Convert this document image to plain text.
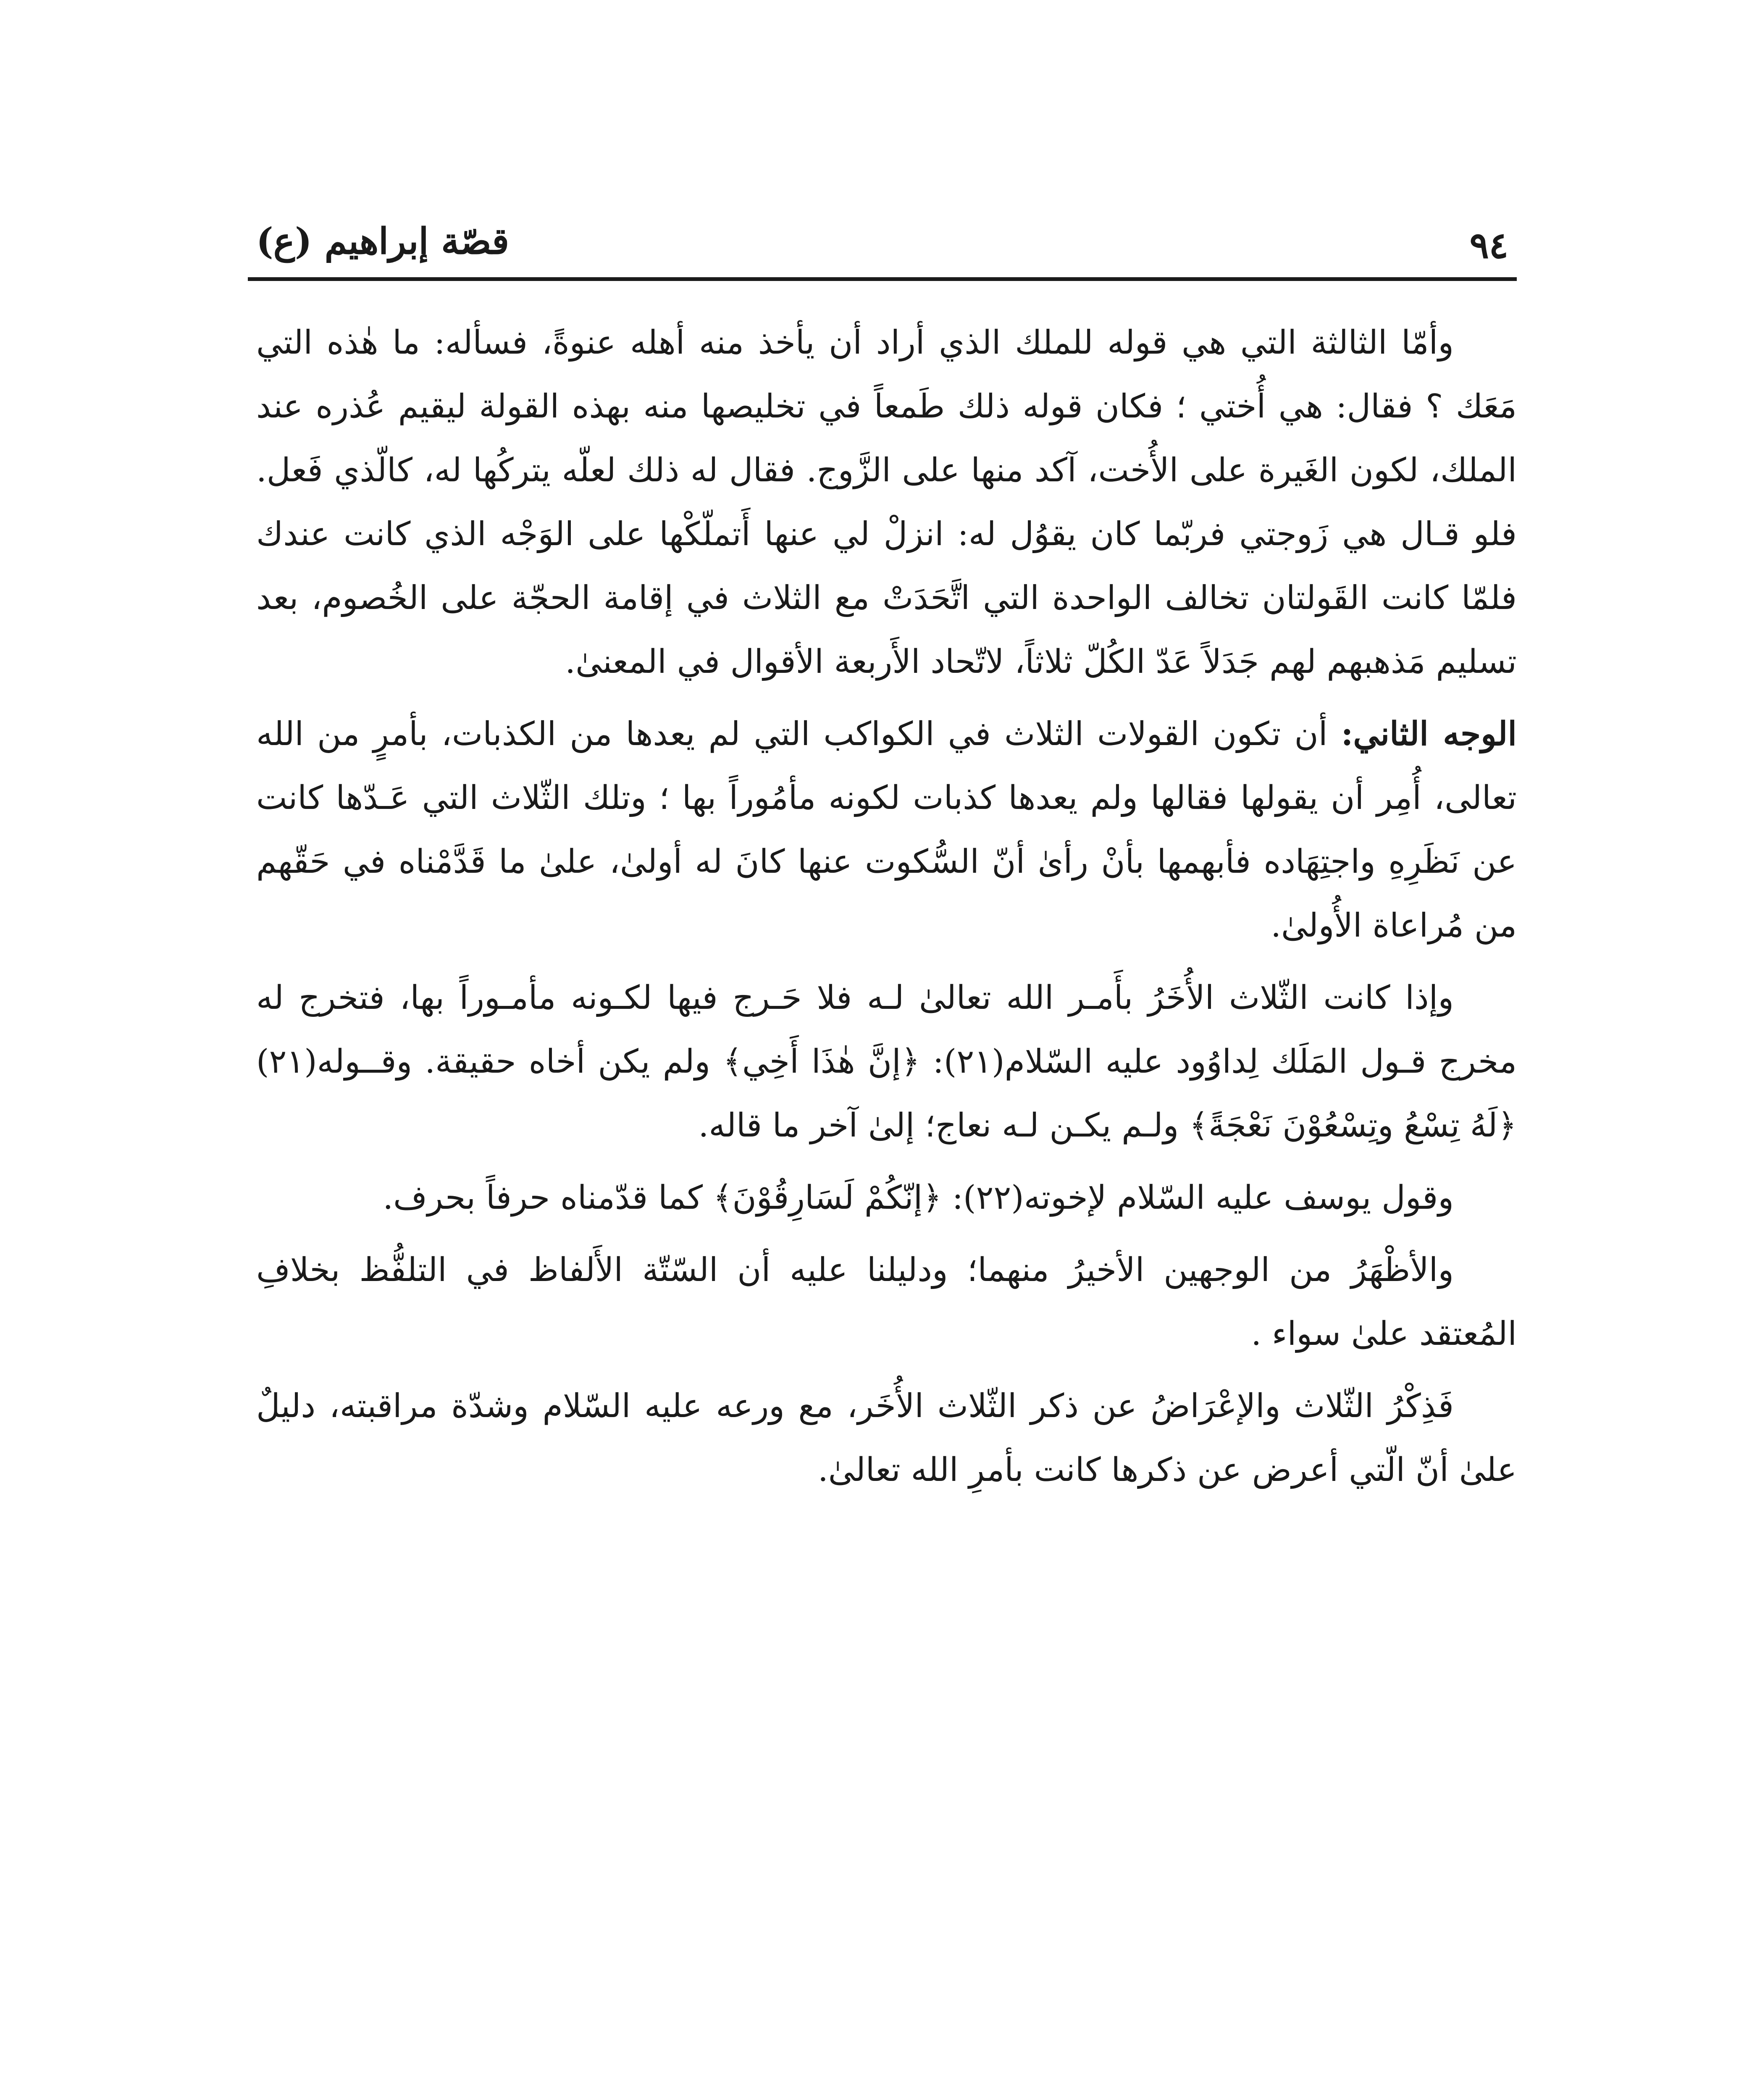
٩٤
قصّة إبراهيم (ع)

وأمّا الثالثة التي هي قوله للملك الذي أراد أن يأخذ منه أهله عنوةً، فسأله: ما هٰذه التي مَعَك ؟ فقال: هي أُختي ؛ فكان قوله ذلك طَمعاً في تخليصها منه بهذه القولة ليقيم عُذره عند الملك، لكون الغَيرة على الأُخت، آكد منها على الزَّوج. فقال له ذلك لعلّه يتركُها له، كالّذي فَعل. فلو قـال هي زَوجتي فربّما كان يقوُل له: انزلْ لي عنها أَتملّكْها على الوَجْه الذي كانت عندك فلمّا كانت القَولتان تخالف الواحدة التي اتَّحَدَتْ مع الثلاث في إقامة الحجّة على الخُصوم، بعد تسليم مَذهبهم لهم جَدَلاً عَدّ الكُلّ ثلاثاً، لاتّحاد الأَربعة الأقوال في المعنىٰ.

الوجه الثاني: أن تكون القولات الثلاث في الكواكب التي لم يعدها من الكذبات، بأمرٍ من الله تعالى، أُمِر أن يقولها فقالها ولم يعدها كذبات لكونه مأمُوراً بها ؛ وتلك الثّلاث التي عَـدّها كانت عن نَظَرِهِ واجتِهَاده فأبهمها بأنْ رأىٰ أنّ السُّكوت عنها كانَ له أولىٰ، علىٰ ما قَدَّمْناه في حَقّهم من مُراعاة الأُولىٰ.

وإذا كانت الثّلاث الأُخَرُ بأَمـر الله تعالىٰ لـه فلا حَـرج فيها لكـونه مأمـوراً بها، فتخرج له مخرج قـول المَلَك لِداوُود عليه السّلام(٢١): ﴿إنَّ هٰذَا أَخِي﴾ ولم يكن أخاه حقيقة. وقــوله(٢١) ﴿لَهُ تِسْعُ وتِسْعُوْنَ نَعْجَةً﴾ ولـم يكـن لـه نعاج؛ إلىٰ آخر ما قاله.

وقول يوسف عليه السّلام لإخوته(٢٢): ﴿إنّكُمْ لَسَارِقُوْنَ﴾ كما قدّمناه حرفاً بحرف.

والأظْهَرُ من الوجهين الأخيرُ منهما؛ ودليلنا عليه أن السّتّة الأَلفاظ في التلفُّظ بخلافِ المُعتقد علىٰ سواء .

فَذِكْرُ الثّلاث والإعْرَاضُ عن ذكر الثّلاث الأُخَر، مع ورعه عليه السّلام وشدّة مراقبته، دليلٌ علىٰ أنّ الّتي أعرض عن ذكرها كانت بأمرِ الله تعالىٰ.
